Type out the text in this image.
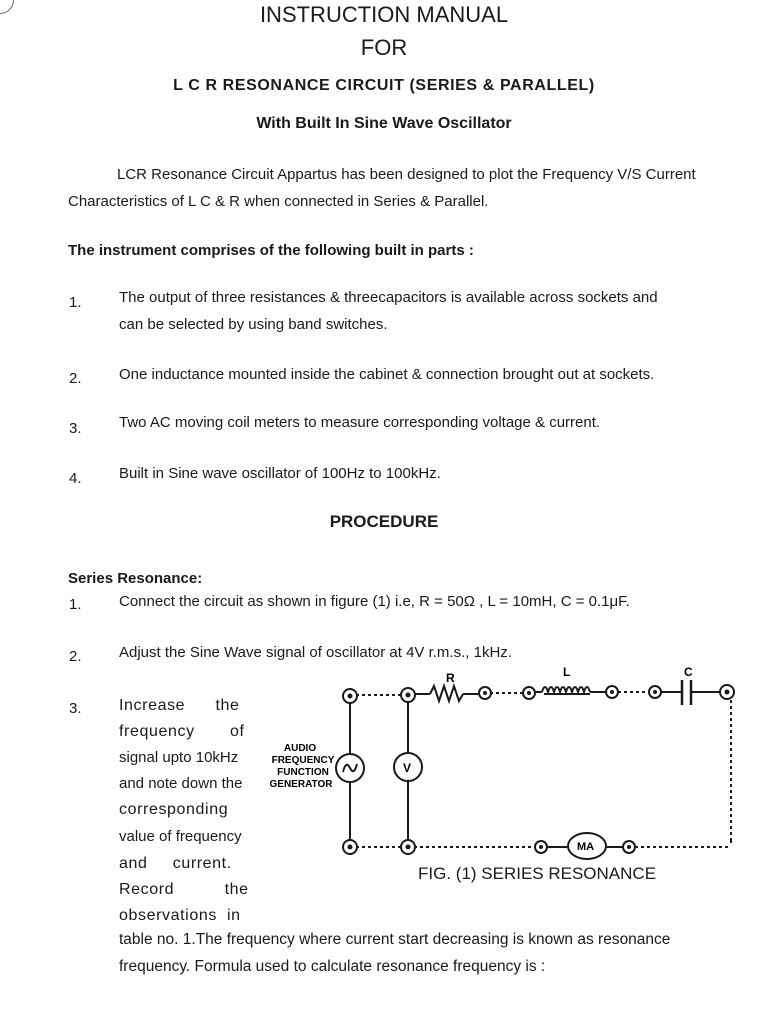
INSTRUCTION MANUAL
FOR
L C R RESONANCE CIRCUIT (SERIES & PARALLEL)
With Built In Sine Wave Oscillator
LCR Resonance Circuit Appartus has been designed to plot the Frequency V/S Current
Characteristics of L C & R when connected in Series & Parallel.
The instrument comprises of the following built in parts :
1. The output of three resistances & threecapacitors is available across sockets and
can be selected by using band switches.
2. One inductance mounted inside the cabinet & connection brought out at sockets.
3. Two AC moving coil meters to measure corresponding voltage & current.
4. Built in Sine wave oscillator of 100Hz to 100kHz.
PROCEDURE
Series Resonance:
1. Connect the circuit as shown in figure (1) i.e, R = 50Ω , L = 10mH, C = 0.1μF.
2. Adjust the Sine Wave signal of oscillator at 4V r.m.s., 1kHz.
3. Increase      the
frequency       of
signal upto 10kHz
and note down the
corresponding
value of frequency
and     current.
Record          the
observations  in
table no. 1.The frequency where current start decreasing is known as resonance
frequency. Formula used to calculate resonance frequency is :
R	L	C
V
MA
AUDIO
FREQUENCY
FUNCTION
GENERATOR
FIG. (1) SERIES RESONANCE
